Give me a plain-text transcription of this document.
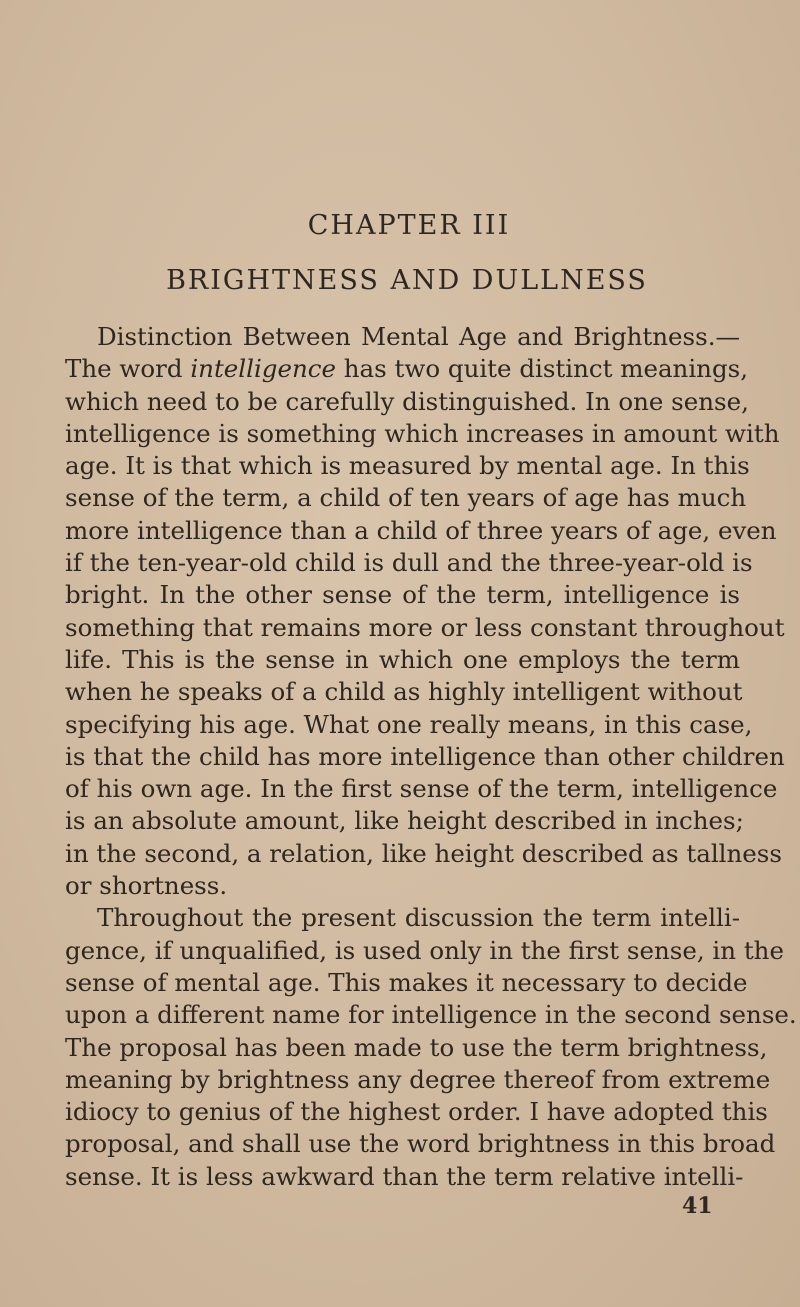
CHAPTER III
BRIGHTNESS AND DULLNESS
Distinction Between Mental Age and Brightness.—
The word intelligence has two quite distinct meanings,
which need to be carefully distinguished. In one sense,
intelligence is something which increases in amount with
age. It is that which is measured by mental age. In this
sense of the term, a child of ten years of age has much
more intelligence than a child of three years of age, even
if the ten-year-old child is dull and the three-year-old is
bright. In the other sense of the term, intelligence is
something that remains more or less constant throughout
life. This is the sense in which one employs the term
when he speaks of a child as highly intelligent without
specifying his age. What one really means, in this case,
is that the child has more intelligence than other children
of his own age. In the first sense of the term, intelligence
is an absolute amount, like height described in inches;
in the second, a relation, like height described as tallness
or shortness.
Throughout the present discussion the term intelli-
gence, if unqualified, is used only in the first sense, in the
sense of mental age. This makes it necessary to decide
upon a different name for intelligence in the second sense.
The proposal has been made to use the term brightness,
meaning by brightness any degree thereof from extreme
idiocy to genius of the highest order. I have adopted this
proposal, and shall use the word brightness in this broad
sense. It is less awkward than the term relative intelli-
41
